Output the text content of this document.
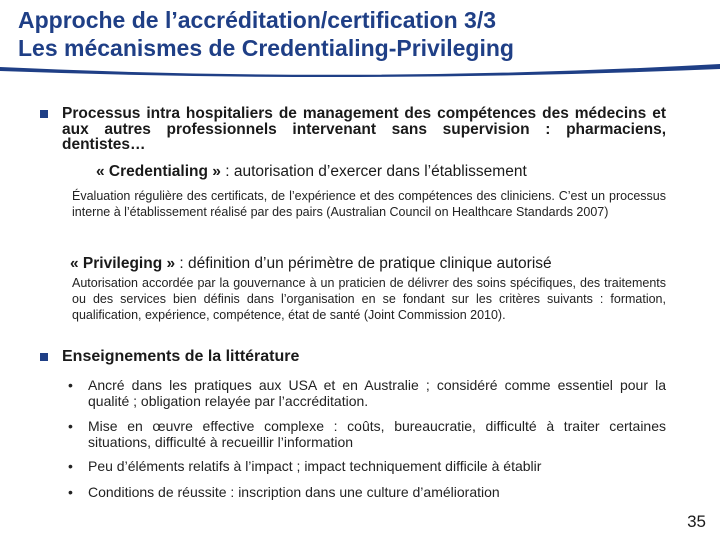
Approche de l’accréditation/certification 3/3
Les mécanismes de Credentialing-Privileging
Processus intra hospitaliers de management des compétences des médecins et aux autres professionnels intervenant sans supervision : pharmaciens, dentistes…
« Credentialing » : autorisation d’exercer dans l’établissement
Évaluation régulière des certificats, de l’expérience et des compétences des cliniciens. C’est un processus interne à l’établissement réalisé par des pairs (Australian Council on Healthcare Standards 2007)
« Privileging » : définition d’un périmètre de pratique clinique autorisé
Autorisation accordée par la gouvernance à un praticien de délivrer des soins spécifiques, des traitements ou des services bien définis dans l’organisation en se fondant sur les critères suivants : formation, qualification, expérience, compétence, état de santé (Joint Commission 2010).
Enseignements de la littérature
• Ancré dans les pratiques aux USA et en Australie ; considéré comme essentiel pour la qualité ; obligation relayée par l’accréditation.
• Mise en œuvre effective complexe : coûts, bureaucratie, difficulté à traiter certaines situations, difficulté à recueillir l’information
• Peu d’éléments relatifs à l’impact ; impact techniquement difficile à établir
• Conditions de réussite : inscription dans une culture d’amélioration
35
